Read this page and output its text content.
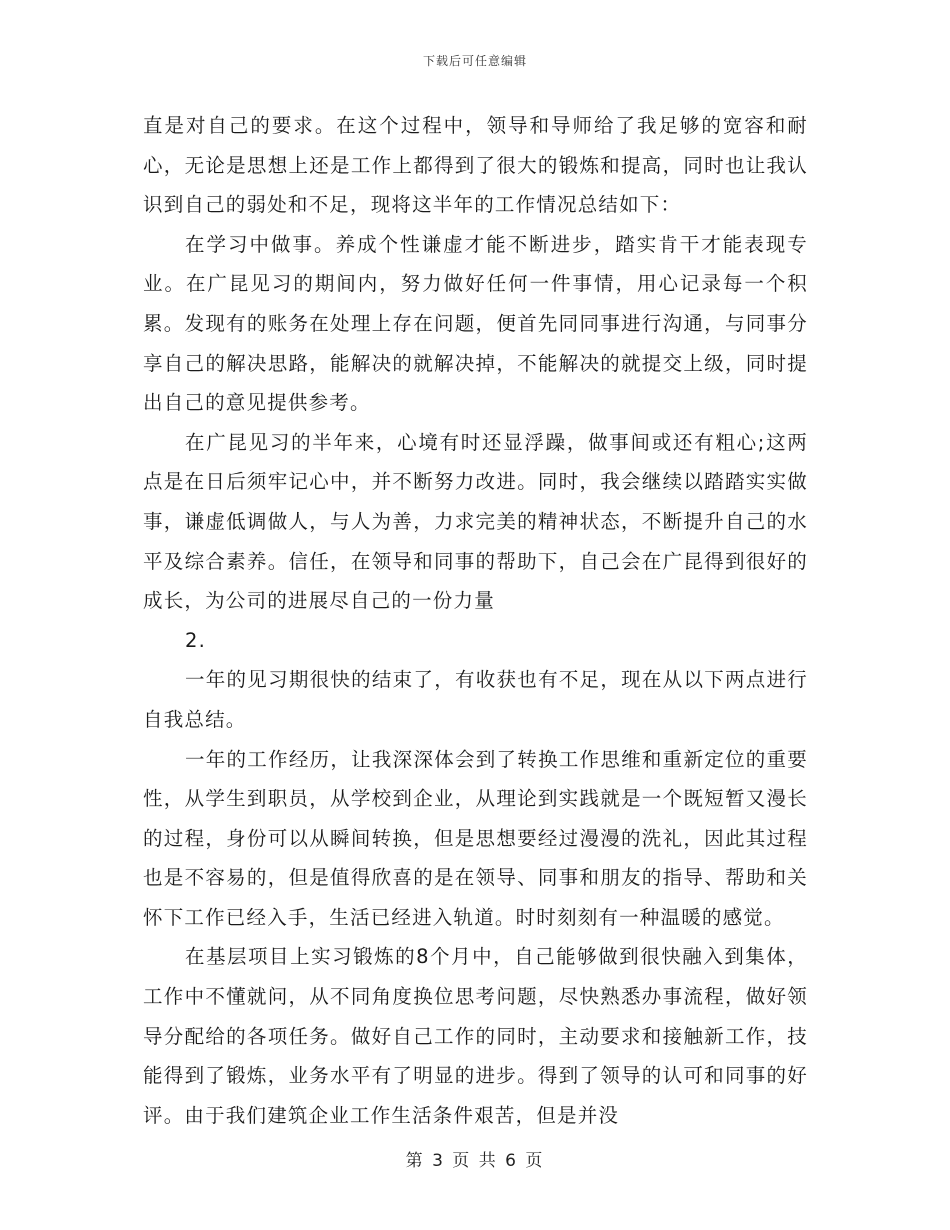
下载后可任意编辑

直是对自己的要求。在这个过程中，领导和导师给了我足够的宽容和耐心，无论是思想上还是工作上都得到了很大的锻炼和提高，同时也让我认识到自己的弱处和不足，现将这半年的工作情况总结如下：

在学习中做事。养成个性谦虚才能不断进步，踏实肯干才能表现专业。在广昆见习的期间内，努力做好任何一件事情，用心记录每一个积累。发现有的账务在处理上存在问题，便首先同同事进行沟通，与同事分享自己的解决思路，能解决的就解决掉，不能解决的就提交上级，同时提出自己的意见提供参考。

在广昆见习的半年来，心境有时还显浮躁，做事间或还有粗心;这两点是在日后须牢记心中，并不断努力改进。同时，我会继续以踏踏实实做事，谦虚低调做人，与人为善，力求完美的精神状态，不断提升自己的水平及综合素养。信任，在领导和同事的帮助下，自己会在广昆得到很好的成长，为公司的进展尽自己的一份力量

2.

一年的见习期很快的结束了，有收获也有不足，现在从以下两点进行自我总结。

一年的工作经历，让我深深体会到了转换工作思维和重新定位的重要性，从学生到职员，从学校到企业，从理论到实践就是一个既短暂又漫长的过程，身份可以从瞬间转换，但是思想要经过漫漫的洗礼，因此其过程也是不容易的，但是值得欣喜的是在领导、同事和朋友的指导、帮助和关怀下工作已经入手，生活已经进入轨道。时时刻刻有一种温暖的感觉。

在基层项目上实习锻炼的8个月中，自己能够做到很快融入到集体，工作中不懂就问，从不同角度换位思考问题，尽快熟悉办事流程，做好领导分配给的各项任务。做好自己工作的同时，主动要求和接触新工作，技能得到了锻炼，业务水平有了明显的进步。得到了领导的认可和同事的好评。由于我们建筑企业工作生活条件艰苦，但是并没

第 3 页 共 6 页
